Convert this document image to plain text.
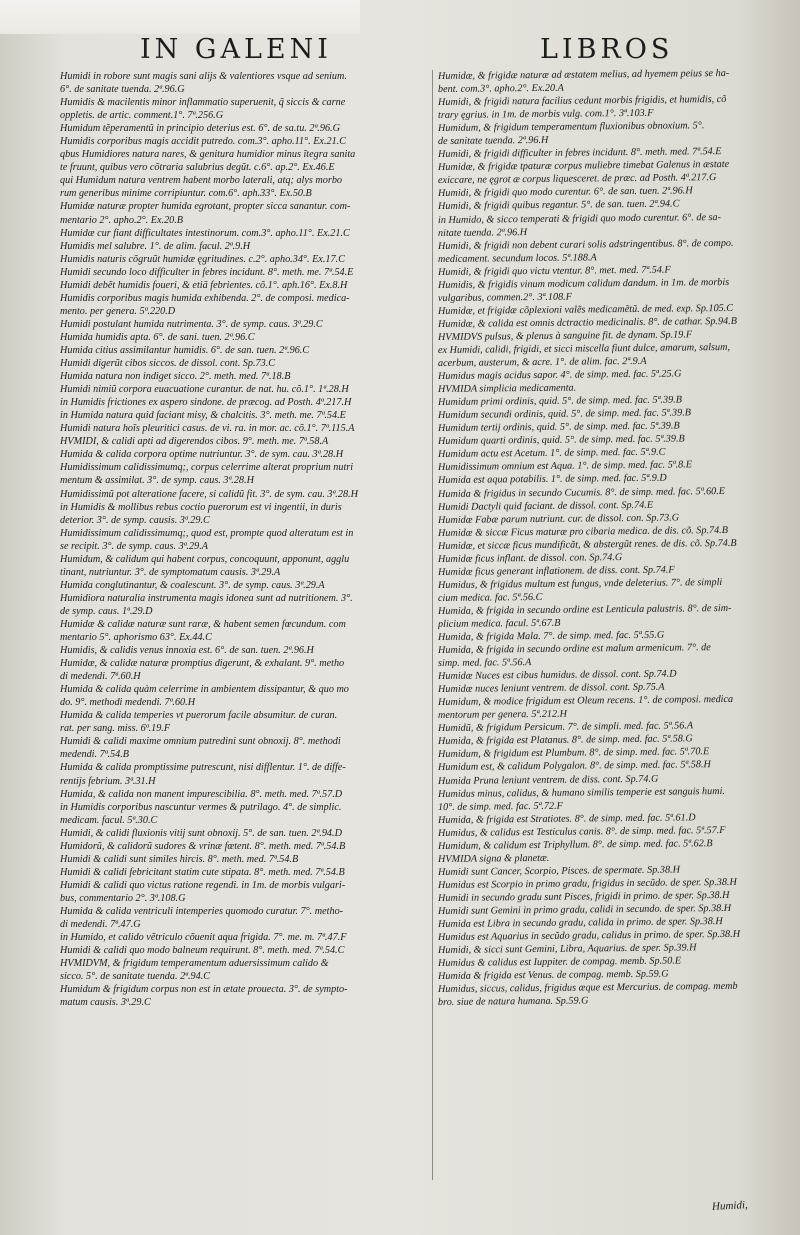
IN GALENI	LIBROS
Humidi in robore sunt magis sani alijs & valentiores vsque ad senium.
6°. de sanitate tuenda. 2ª.96.G
Humidis & macilentis minor inflammatio superuenit, q̃ siccis & carne
oppletis. de artic. comment.1°. 7ª.256.G
Humidum tẽperamentũ in principio deterius est. 6°. de sa.tu. 2ª.96.G
Humidis corporibus magis accidit putredo. com.3°. apho.11°. Ex.21.C
qbus Humidiores natura nares, & genitura humidior minus ĩtegra sanita
te fruunt, quibus vero cõtraria salubrius degũt. c.6°. ap.2°. Ex.46.E
qui Humidum natura ventrem habent morbo laterali, atq; alys morbo
rum generibus minime corripiuntur. com.6°. aph.33°. Ex.50.B
Humidæ naturæ propter humida egrotant, propter sicca sanantur. com-
mentario 2°. apho.2°. Ex.20.B
Humidæ cur fiant difficultates intestinorum. com.3°. apho.11°. Ex.21.C
Humidis mel salubre. 1°. de alim. facul. 2ª.9.H
Humidis naturis cõgruũt humidæ ęgritudines. c.2°. apho.34°. Ex.17.C
Humidi secundo loco difficulter in febres incidunt. 8°. meth. me. 7ª.54.E
Humidi debẽt humidis foueri, & etiã febrientes. cõ.1°. aph.16°. Ex.8.H
Humidis corporibus magis humida exhibenda. 2°. de composi. medica-
mento. per genera. 5ª.220.D
Humidi postulant humida nutrimenta. 3°. de symp. caus. 3ª.29.C
Humida humidis apta. 6°. de sani. tuen. 2ª.96.C
Humida citius assimilantur humidis. 6°. de san. tuen. 2ª.96.C
Humidi digerũt cibos siccos. de dissol. cont. Sp.73.C
Humida natura non indiget sicco. 2°. meth. med. 7ª.18.B
Humidi nimiũ corpora euacuatione curantur. de nat. hu. cõ.1°. 1ª.28.H
in Humidis frictiones ex aspero sindone. de præcog. ad Posth. 4ª.217.H
in Humida natura quid faciant misy, & chalcitis. 3°. meth. me. 7ª.54.E
Humidi natura hoĩs pleuritici casus. de vi. ra. in mor. ac. cõ.1°. 7ª.115.A
HVMIDI, & calidi apti ad digerendos cibos. 9°. meth. me. 7ª.58.A
Humida & calida corpora optime nutriuntur. 3°. de sym. cau. 3ª.28.H
Humidissimum calidissimumq;, corpus celerrime alterat proprium nutri
mentum & assimilat. 3°. de symp. caus. 3ª.28.H
Humidissimũ pot alteratione facere, si calidũ fit. 3°. de sym. cau. 3ª.28.H
in Humidis & mollibus rebus coctio puerorum est vi ingentii, in duris
deterior. 3°. de symp. causis. 3ª.29.C
Humidissimum calidissimumq;, quod est, prompte quod alteratum est in
se recipit. 3°. de symp. caus. 3ª.29.A
Humidum, & calidum qui habent corpus, concoquunt, apponunt, agglu
tinant, nutriuntur. 3°. de symptomatum causis. 3ª.29.A
Humida conglutinantur, & coalescunt. 3°. de symp. caus. 3ª.29.A
Humidiora naturalia instrumenta magis idonea sunt ad nutritionem. 3°.
de symp. caus. 1ª.29.D
Humidæ & calidæ naturæ sunt raræ, & habent semen fœcundum. com
mentario 5°. aphorismo 63°. Ex.44.C
Humidis, & calidis venus innoxia est. 6°. de san. tuen. 2ª.96.H
Humidæ, & calidæ naturæ promptius digerunt, & exhalant. 9°. metho
di medendi. 7ª.60.H
Humida & calida quàm celerrime in ambientem dissipantur, & quo mo
do. 9°. methodi medendi. 7ª.60.H
Humida & calida temperies vt puerorum facile absumitur. de curan.
rat. per sang. miss. 6ª.19.F
Humidi & calidi maxime omnium putredini sunt obnoxij. 8°. methodi
medendi. 7ª.54.B
Humida & calida promptissime putrescunt, nisi difflentur. 1°. de diffe-
rentijs febrium. 3ª.31.H
Humida, & calida non manent impurescibilia. 8°. meth. med. 7ª.57.D
in Humidis corporibus nascuntur vermes & putrilago. 4°. de simplic.
medicam. facul. 5ª.30.C
Humidi, & calidi fluxionis vitij sunt obnoxij. 5°. de san. tuen. 2ª.94.D
Humidorũ, & calidorũ sudores & vrinæ fœtent. 8°. meth. med. 7ª.54.B
Humidi & calidi sunt similes hircis. 8°. meth. med. 7ª.54.B
Humidi & calidi febricitant statim cute stipata. 8°. meth. med. 7ª.54.B
Humidi & calidi quo victus ratione regendi. in 1m. de morbis vulgari-
bus, commentario 2°. 3ª.108.G
Humida & calida ventriculi intemperies quomodo curatur. 7°. metho-
di medendi. 7ª.47.G
in Humido, et calido vẽtriculo cõuenit aqua frigida. 7°. me. m. 7ª.47.F
Humidi & calidi quo modo balneum requirunt. 8°. meth. med. 7ª.54.C
HVMIDVM, & frigidum temperamentum aduersissimum calido &
sicco. 5°. de sanitate tuenda. 2ª.94.C
Humidum & frigidum corpus non est in ætate prouecta. 3°. de sympto-
matum causis. 3ª.29.C
Humidæ, & frigidæ naturæ ad æstatem melius, ad hyemem peius se ha-
bent. com.3°. apho.2°. Ex.20.A
Humidi, & frigidi natura facilius cedunt morbis frigidis, et humidis, cõ
trary ęgrius. in 1m. de morbis vulg. com.1°. 3ª.103.F
Humidum, & frigidum temperamentum fluxionibus obnoxium. 5°.
de sanitate tuenda. 2ª.96.H
Humidi, & frigidi difficulter in febres incidunt. 8°. meth. med. 7ª.54.E
Humidæ, & frigidæ tpaturæ corpus muliebre timebat Galenus in æstate
exiccare, ne ęgrot æ corpus liquesceret. de præc. ad Posth. 4ª.217.G
Humidi, & frigidi quo modo curentur. 6°. de san. tuen. 2ª.96.H
Humidi, & frigidi quibus regantur. 5°. de san. tuen. 2ª.94.C
in Humido, & sicco temperati & frigidi quo modo curentur. 6°. de sa-
nitate tuenda. 2ª.96.H
Humidi, & frigidi non debent curari solis adstringentibus. 8°. de compo.
medicament. secundum locos. 5ª.188.A
Humidi, & frigidi quo victu vtentur. 8°. met. med. 7ª.54.F
Humidis, & frigidis vinum modicum calidum dandum. in 1m. de morbis
vulgaribus, commen.2°. 3ª.108.F
Humidæ, et frigidæ cõplexioni valẽs medicamẽtũ. de med. exp. Sp.105.C
Humidæ, & calida est omnis dctractio medicinalis. 8°. de cathar. Sp.94.B
HVMIDVS pulsus, & plenus à sanguine fit. de dynam. Sp.19.F
ex Humidi, calidi, frigidi, et sicci miscella fiunt dulce, amarum, salsum,
acerbum, austerum, & acre. 1°. de alim. fac. 2ª.9.A
Humidus magis acidus sapor. 4°. de simp. med. fac. 5ª.25.G
HVMIDA simplicia medicamenta.
Humidum primi ordinis, quid. 5°. de simp. med. fac. 5ª.39.B
Humidum secundi ordinis, quid. 5°. de simp. med. fac. 5ª.39.B
Humidum tertij ordinis, quid. 5°. de simp. med. fac. 5ª.39.B
Humidum quarti ordinis, quid. 5°. de simp. med. fac. 5ª.39.B
Humidum actu est Acetum. 1°. de simp. med. fac. 5ª.9.C
Humidissimum omnium est Aqua. 1°. de simp. med. fac. 5ª.8.E
Humida est aqua potabilis. 1°. de simp. med. fac. 5ª.9.D
Humida & frigidus in secundo Cucumis. 8°. de simp. med. fac. 5ª.60.E
Humidi Dactyli quid faciant. de dissol. cont. Sp.74.E
Humidæ Fabæ parum nutriunt. cur. de dissol. con. Sp.73.G
Humidæ & siccæ Ficus maturæ pro cibaria medica. de dis. cõ. Sp.74.B
Humidæ, et siccæ ficus mundificãt, & abstergũt renes. de dis. cõ. Sp.74.B
Humidæ ficus inflant. de dissol. con. Sp.74.G
Humidæ ficus generant inflationem. de diss. cont. Sp.74.F
Humidus, & frigidus multum est fungus, vnde deleterius. 7°. de simpli
cium medica. fac. 5ª.56.C
Humida, & frigida in secundo ordine est Lenticula palustris. 8°. de sim-
plicium medica. facul. 5ª.67.B
Humida, & frigida Mala. 7°. de simp. med. fac. 5ª.55.G
Humida, & frigida in secundo ordine est malum armenicum. 7°. de
simp. med. fac. 5ª.56.A
Humidæ Nuces est cibus humidus. de dissol. cont. Sp.74.D
Humidæ nuces leniunt ventrem. de dissol. cont. Sp.75.A
Humidum, & modice frigidum est Oleum recens. 1°. de composi. medica
mentorum per genera. 5ª.212.H
Humidũ, & frigidum Persicum. 7°. de simpli. med. fac. 5ª.56.A
Humida, & frigida est Platanus. 8°. de simp. med. fac. 5ª.58.G
Humidum, & frigidum est Plumbum. 8°. de simp. med. fac. 5ª.70.E
Humidum est, & calidum Polygalon. 8°. de simp. med. fac. 5ª.58.H
Humida Pruna leniunt ventrem. de diss. cont. Sp.74.G
Humidus minus, calidus, & humano similis temperie est sanguis humi.
10°. de simp. med. fac. 5ª.72.F
Humida, & frigida est Stratiotes. 8°. de simp. med. fac. 5ª.61.D
Humidus, & calidus est Testiculus canis. 8°. de simp. med. fac. 5ª.57.F
Humidum, & calidum est Triphyllum. 8°. de simp. med. fac. 5ª.62.B
HVMIDA signa & planetæ.
Humidi sunt Cancer, Scorpio, Pisces. de spermate. Sp.38.H
Humidus est Scorpio in primo gradu, frigidus in secũdo. de sper. Sp.38.H
Humidi in secundo gradu sunt Pisces, frigidi in primo. de sper. Sp.38.H
Humidi sunt Gemini in primo gradu, calidi in secundo. de sper. Sp.38.H
Humida est Libra in secundo gradu, calida in primo. de sper. Sp.38.H
Humidus est Aquarius in secũdo gradu, calidus in primo. de sper. Sp.38.H
Humidi, & sicci sunt Gemini, Libra, Aquarius. de sper. Sp.39.H
Humidus & calidus est Iuppiter. de compag. memb. Sp.50.E
Humida & frigida est Venus. de compag. memb. Sp.59.G
Humidus, siccus, calidus, frigidus æque est Mercurius. de compag. memb
bro. siue de natura humana. Sp.59.G
Humidi,
